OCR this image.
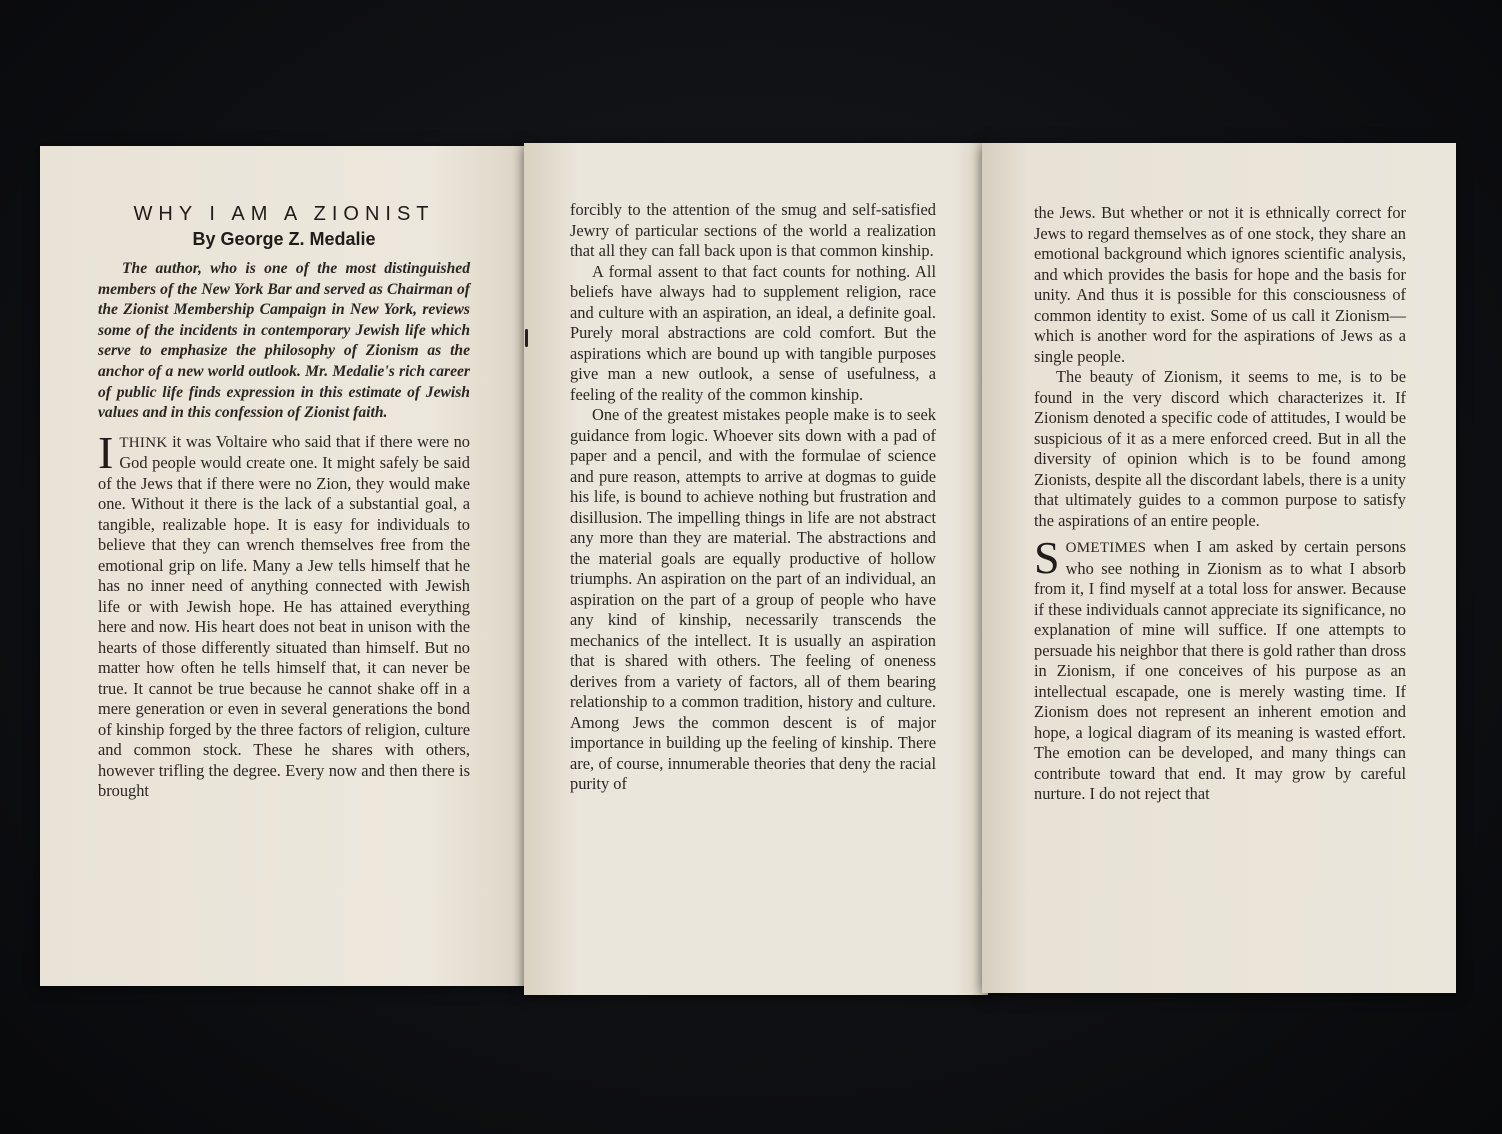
WHY I AM A ZIONIST
By George Z. Medalie

The author, who is one of the most distinguished members of the New York Bar and served as Chairman of the Zionist Membership Campaign in New York, reviews some of the incidents in contemporary Jewish life which serve to emphasize the philosophy of Zionism as the anchor of a new world outlook. Mr. Medalie's rich career of public life finds expression in this estimate of Jewish values and in this confession of Zionist faith.

ITHINK it was Voltaire who said that if there were no God people would create one. It might safely be said of the Jews that if there were no Zion, they would make one. Without it there is the lack of a substantial goal, a tangible, realizable hope. It is easy for individuals to believe that they can wrench themselves free from the emotional grip on life. Many a Jew tells himself that he has no inner need of anything connected with Jewish life or with Jewish hope. He has attained everything here and now. His heart does not beat in unison with the hearts of those differently situated than himself. But no matter how often he tells himself that, it can never be true. It cannot be true because he cannot shake off in a mere generation or even in several generations the bond of kinship forged by the three factors of religion, culture and common stock. These he shares with others, however trifling the degree. Every now and then there is brought

forcibly to the attention of the smug and self-satisfied Jewry of particular sections of the world a realization that all they can fall back upon is that common kinship.

A formal assent to that fact counts for nothing. All beliefs have always had to supplement religion, race and culture with an aspiration, an ideal, a definite goal. Purely moral abstractions are cold comfort. But the aspirations which are bound up with tangible purposes give man a new outlook, a sense of usefulness, a feeling of the reality of the common kinship.

One of the greatest mistakes people make is to seek guidance from logic. Whoever sits down with a pad of paper and a pencil, and with the formulae of science and pure reason, attempts to arrive at dogmas to guide his life, is bound to achieve nothing but frustration and disillusion. The impelling things in life are not abstract any more than they are material. The abstractions and the material goals are equally productive of hollow triumphs. An aspiration on the part of an individual, an aspiration on the part of a group of people who have any kind of kinship, necessarily transcends the mechanics of the intellect. It is usually an aspiration that is shared with others. The feeling of oneness derives from a variety of factors, all of them bearing relationship to a common tradition, history and culture. Among Jews the common descent is of major importance in building up the feeling of kinship. There are, of course, innumerable theories that deny the racial purity of

the Jews. But whether or not it is ethnically correct for Jews to regard themselves as of one stock, they share an emotional background which ignores scientific analysis, and which provides the basis for hope and the basis for unity. And thus it is possible for this consciousness of common identity to exist. Some of us call it Zionism—which is another word for the aspirations of Jews as a single people.

The beauty of Zionism, it seems to me, is to be found in the very discord which characterizes it. If Zionism denoted a specific code of attitudes, I would be suspicious of it as a mere enforced creed. But in all the diversity of opinion which is to be found among Zionists, despite all the discordant labels, there is a unity that ultimately guides to a common purpose to satisfy the aspirations of an entire people.

SOMETIMES when I am asked by certain persons who see nothing in Zionism as to what I absorb from it, I find myself at a total loss for answer. Because if these individuals cannot appreciate its significance, no explanation of mine will suffice. If one attempts to persuade his neighbor that there is gold rather than dross in Zionism, if one conceives of his purpose as an intellectual escapade, one is merely wasting time. If Zionism does not represent an inherent emotion and hope, a logical diagram of its meaning is wasted effort. The emotion can be developed, and many things can contribute toward that end. It may grow by careful nurture. I do not reject that
